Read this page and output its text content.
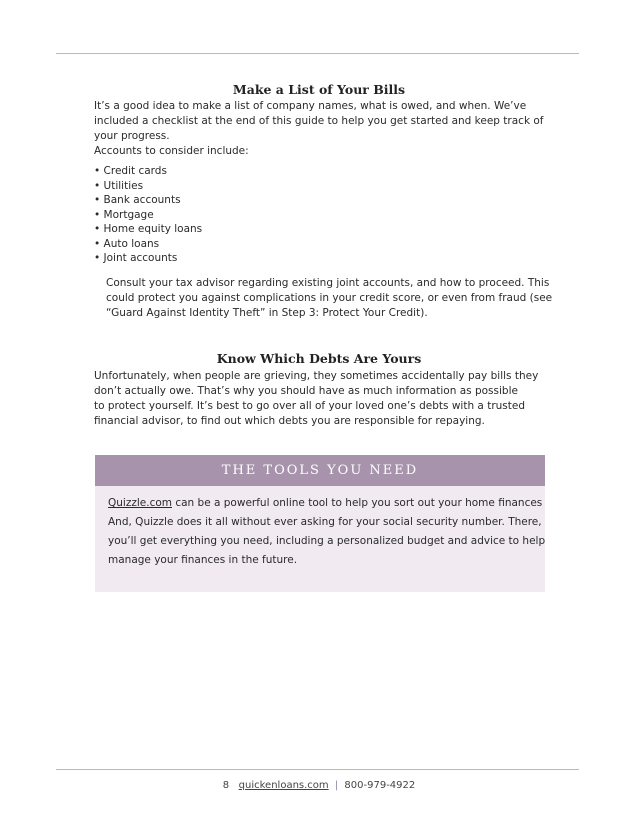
Make a List of Your Bills

It’s a good idea to make a list of company names, what is owed, and when. We’ve
included a checklist at the end of this guide to help you get started and keep track of
your progress.
Accounts to consider include:

• Credit cards
• Utilities
• Bank accounts
• Mortgage
• Home equity loans
• Auto loans
• Joint accounts

Consult your tax advisor regarding existing joint accounts, and how to proceed. This
could protect you against complications in your credit score, or even from fraud (see
“Guard Against Identity Theft” in Step 3: Protect Your Credit).

Know Which Debts Are Yours

Unfortunately, when people are grieving, they sometimes accidentally pay bills they
don’t actually owe. That’s why you should have as much information as possible
to protect yourself. It’s best to go over all of your loved one’s debts with a trusted
financial advisor, to find out which debts you are responsible for repaying.

THE TOOLS YOU NEED

Quizzle.com can be a powerful online tool to help you sort out your home finances
And, Quizzle does it all without ever asking for your social security number. There,
you’ll get everything you need, including a personalized budget and advice to help
manage your finances in the future.

8 quickenloans.com | 800-979-4922
